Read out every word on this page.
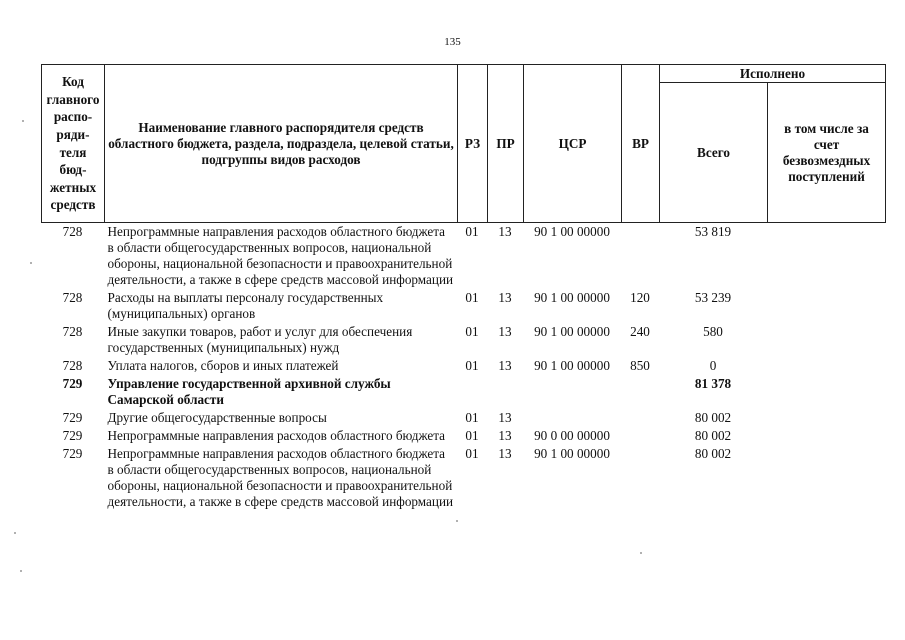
135
Код главного распо-ряди-теля бюд-жетных средств	Наименование главного распорядителя средств областного бюджета, раздела, подраздела, целевой статьи, подгруппы видов расходов	РЗ	ПР	ЦСР	ВР	Исполнено	
						Всего	в том числе за счет безвозмездных поступлений
728	Непрограммные направления расходов областного бюджета в области общегосударственных вопросов, национальной обороны, национальной безопасности и правоохранительной деятельности, а также в сфере средств массовой информации	01	13	90 1 00 00000		53 819	
728	Расходы на выплаты персоналу государственных (муниципальных) органов	01	13	90 1 00 00000	120	53 239	
728	Иные закупки товаров, работ и услуг для обеспечения государственных (муниципальных) нужд	01	13	90 1 00 00000	240	580	
728	Уплата налогов, сборов и иных платежей	01	13	90 1 00 00000	850	0	
729	Управление государственной архивной службы Самарской области					81 378	
729	Другие общегосударственные вопросы	01	13			80 002	
729	Непрограммные направления расходов областного бюджета	01	13	90 0 00 00000		80 002	
729	Непрограммные направления расходов областного бюджета в области общегосударственных вопросов, национальной обороны, национальной безопасности и правоохранительной деятельности, а также в сфере средств массовой информации	01	13	90 1 00 00000		80 002	
